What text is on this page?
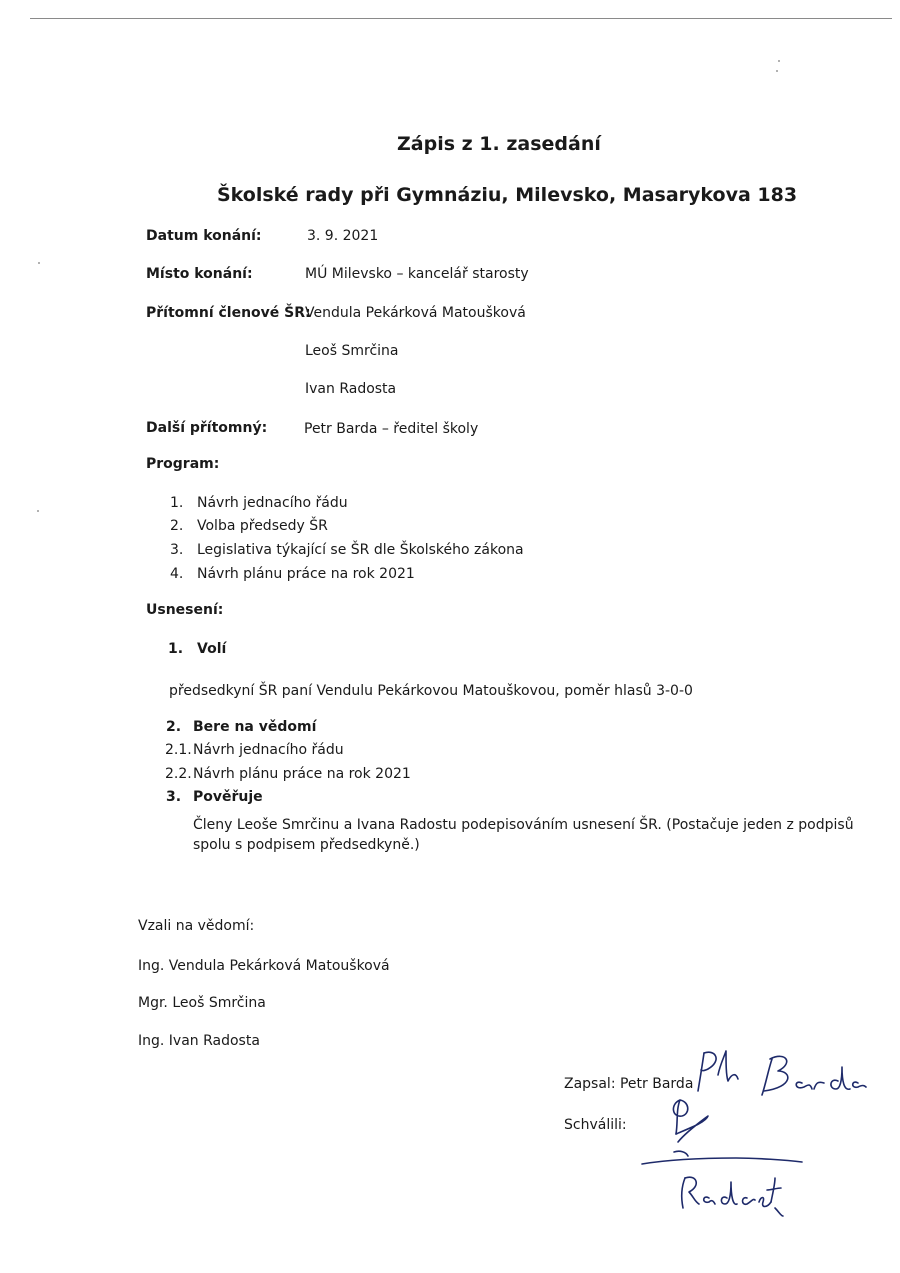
Zápis z 1. zasedání
Školské rady při Gymnáziu, Milevsko, Masarykova 183
Datum konání:	3. 9. 2021
Místo konání:	MÚ Milevsko – kancelář starosty
Přítomní členové ŠR:
Vendula Pekárková Matoušková
Leoš Smrčina
Ivan Radosta
Další přítomný:	Petr Barda – ředitel školy
Program:
1. Návrh jednacího řádu
2. Volba předsedy ŠR
3. Legislativa týkající se ŠR dle Školského zákona
4. Návrh plánu práce na rok 2021
Usnesení:
1. Volí
předsedkyní ŠR paní Vendulu Pekárkovou Matouškovou, poměr hlasů 3-0-0
2. Bere na vědomí
2.1. Návrh jednacího řádu
2.2. Návrh plánu práce na rok 2021
3. Pověřuje
Členy Leoše Smrčinu a Ivana Radostu podepisováním usnesení ŠR. (Postačuje jeden z podpisů
spolu s podpisem předsedkyně.)
Vzali na vědomí:
Ing. Vendula Pekárková Matoušková
Mgr. Leoš Smrčina
Ing. Ivan Radosta
Zapsal: Petr Barda
Schválili:
